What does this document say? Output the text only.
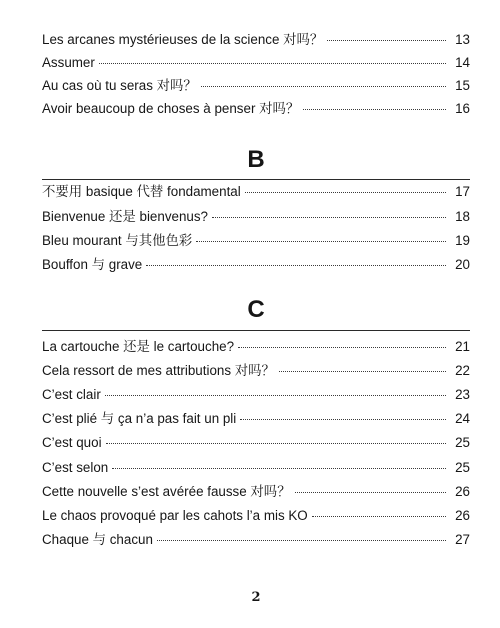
Les arcanes mystérieuses de la science 对吗？	13
Assumer	14
Au cas où tu seras 对吗？	15
Avoir beaucoup de choses à penser 对吗？	16
B
不要用 basique 代替 fondamental	17
Bienvenue 还是 bienvenus?	18
Bleu mourant 与其他色彩	19
Bouffon 与 grave	20
C
La cartouche 还是 le cartouche?	21
Cela ressort de mes attributions 对吗？	22
C’est clair	23
C’est plié 与 ça n’a pas fait un pli	24
C’est quoi	25
C’est selon	25
Cette nouvelle s’est avérée fausse 对吗？	26
Le chaos provoqué par les cahots l’a mis KO	26
Chaque 与 chacun	27
2
